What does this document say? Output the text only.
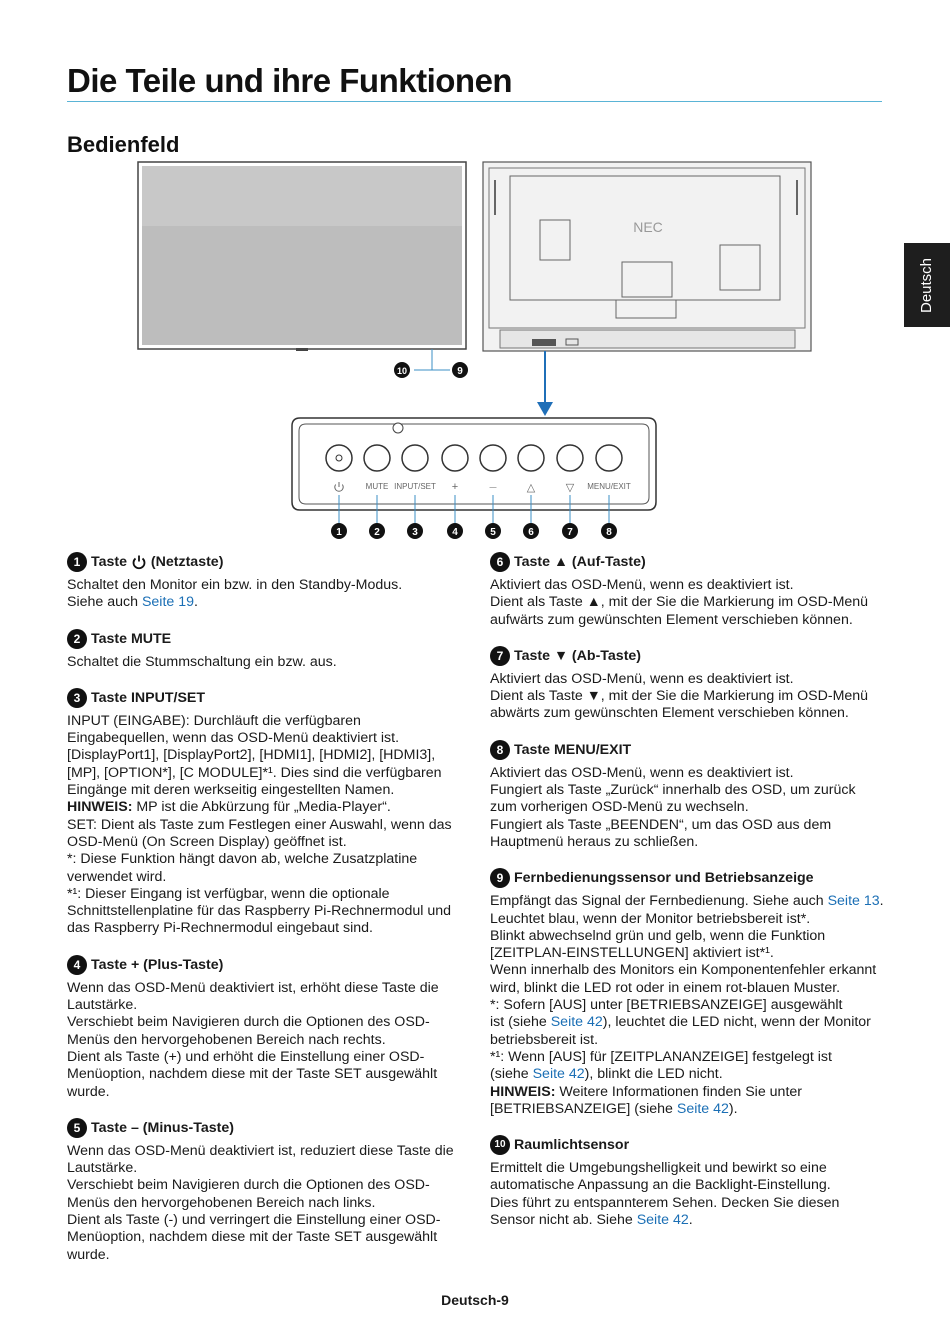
Die Teile und ihre Funktionen
Bedienfeld
Deutsch
10	9
NEC
MUTE INPUT/SET +	—	△	▽ MENU/EXIT
1	2	3	4	5	6	7	8
1 Taste (Netztaste)

Schaltet den Monitor ein bzw. in den Standby-Modus.
Siehe auch Seite 19.

2 Taste MUTE

Schaltet die Stummschaltung ein bzw. aus.

3 Taste INPUT/SET

INPUT (EINGABE): Durchläuft die verfügbaren
Eingabequellen, wenn das OSD-Menü deaktiviert ist.
[DisplayPort1], [DisplayPort2], [HDMI1], [HDMI2], [HDMI3],
[MP], [OPTION*], [C MODULE]*¹. Dies sind die verfügbaren
Eingänge mit deren werkseitig eingestellten Namen.
HINWEIS: MP ist die Abkürzung für „Media-Player“.
SET: Dient als Taste zum Festlegen einer Auswahl, wenn das
OSD-Menü (On Screen Display) geöffnet ist.
*: Diese Funktion hängt davon ab, welche Zusatzplatine
verwendet wird.
*¹: Dieser Eingang ist verfügbar, wenn die optionale
Schnittstellenplatine für das Raspberry Pi-Rechnermodul und
das Raspberry Pi-Rechnermodul eingebaut sind.

4 Taste + (Plus-Taste)

Wenn das OSD-Menü deaktiviert ist, erhöht diese Taste die
Lautstärke.
Verschiebt beim Navigieren durch die Optionen des OSD-
Menüs den hervorgehobenen Bereich nach rechts.
Dient als Taste (+) und erhöht die Einstellung einer OSD-
Menüoption, nachdem diese mit der Taste SET ausgewählt
wurde.

5 Taste – (Minus-Taste)

Wenn das OSD-Menü deaktiviert ist, reduziert diese Taste die
Lautstärke.
Verschiebt beim Navigieren durch die Optionen des OSD-
Menüs den hervorgehobenen Bereich nach links.
Dient als Taste (-) und verringert die Einstellung einer OSD-
Menüoption, nachdem diese mit der Taste SET ausgewählt
wurde.

6 Taste ▲ (Auf-Taste)

Aktiviert das OSD-Menü, wenn es deaktiviert ist.
Dient als Taste ▲, mit der Sie die Markierung im OSD-Menü
aufwärts zum gewünschten Element verschieben können.

7 Taste ▼ (Ab-Taste)

Aktiviert das OSD-Menü, wenn es deaktiviert ist.
Dient als Taste ▼, mit der Sie die Markierung im OSD-Menü
abwärts zum gewünschten Element verschieben können.

8 Taste MENU/EXIT

Aktiviert das OSD-Menü, wenn es deaktiviert ist.
Fungiert als Taste „Zurück“ innerhalb des OSD, um zurück
zum vorherigen OSD-Menü zu wechseln.
Fungiert als Taste „BEENDEN“, um das OSD aus dem
Hauptmenü heraus zu schließen.

9 Fernbedienungssensor und Betriebsanzeige

Empfängt das Signal der Fernbedienung. Siehe auch Seite 13.
Leuchtet blau, wenn der Monitor betriebsbereit ist*.
Blinkt abwechselnd grün und gelb, wenn die Funktion
[ZEITPLAN-EINSTELLUNGEN] aktiviert ist*¹.
Wenn innerhalb des Monitors ein Komponentenfehler erkannt
wird, blinkt die LED rot oder in einem rot-blauen Muster.
*: Sofern [AUS] unter [BETRIEBSANZEIGE] ausgewählt
ist (siehe Seite 42), leuchtet die LED nicht, wenn der Monitor
betriebsbereit ist.
*¹: Wenn [AUS] für [ZEITPLANANZEIGE] festgelegt ist
(siehe Seite 42), blinkt die LED nicht.
HINWEIS: Weitere Informationen finden Sie unter
[BETRIEBSANZEIGE] (siehe Seite 42).

10 Raumlichtsensor

Ermittelt die Umgebungshelligkeit und bewirkt so eine
automatische Anpassung an die Backlight-Einstellung.
Dies führt zu entspannterem Sehen. Decken Sie diesen
Sensor nicht ab. Siehe Seite 42.

Deutsch-9
